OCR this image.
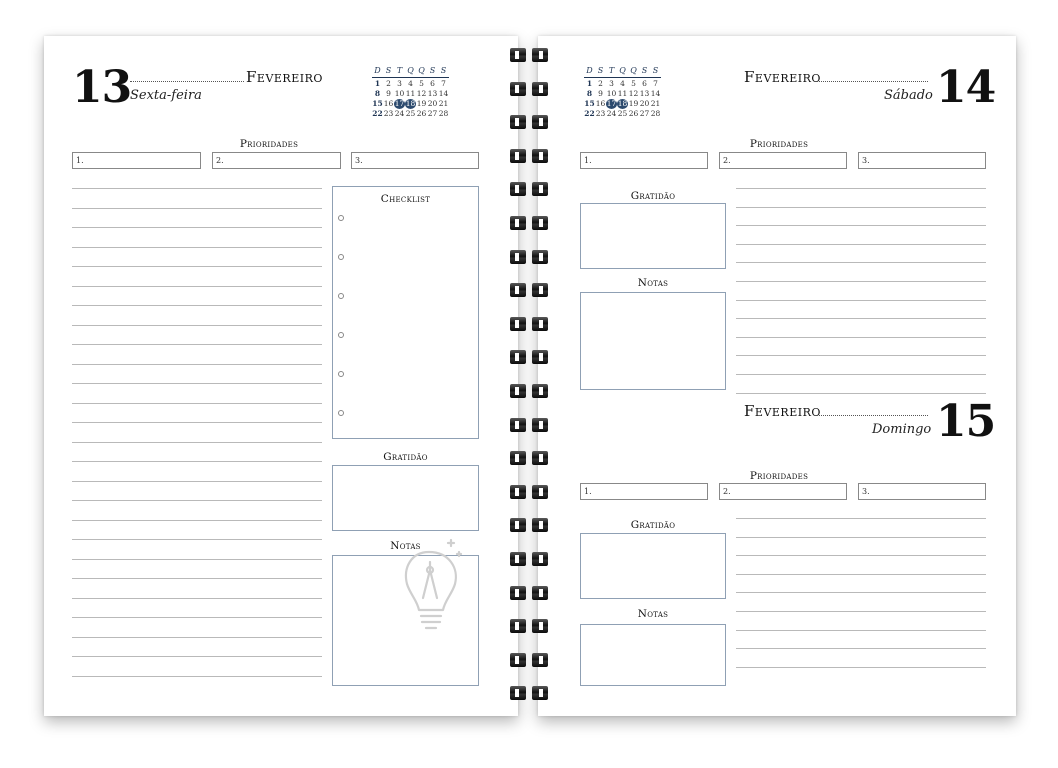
13	Fevereiro
Sexta-feira
D S T Q Q S S
1 2 3 4 5 6 7
8 9 10 11 12 13 14
15 16 17 18 19 20 21
22 23 24 25 26 27 28
Prioridades
1.	2.	3.
Checklist
Gratidão
Notas
D S T Q Q S S
1 2 3 4 5 6 7
8 9 10 11 12 13 14
15 16 17 18 19 20 21
22 23 24 25 26 27 28
Fevereiro
Sábado 14
Prioridades
1.	2.	3.
Gratidão
Notas
Fevereiro
Domingo 15
Prioridades
1.	2.	3.
Gratidão
Notas
